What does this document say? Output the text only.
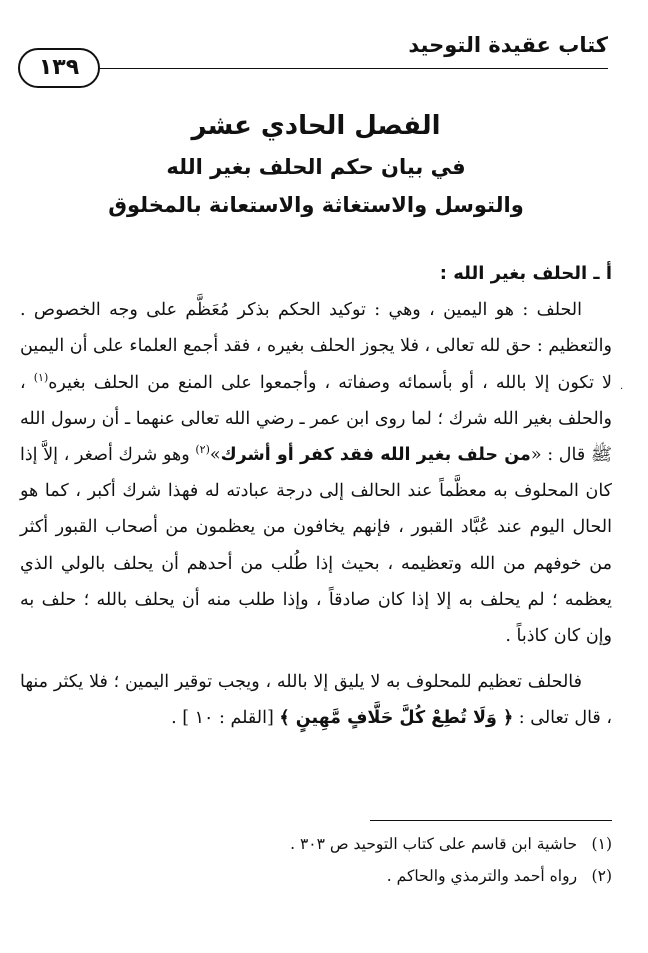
كتاب عقيدة التوحيد
١٣٩
·
الفصل الحادي عشر
في بيان حكم الحلف بغير الله
والتوسل والاستغاثة والاستعانة بالمخلوق

أ ـ الحلف بغير الله :

الحلف : هو اليمين ، وهي : توكيد الحكم بذكر مُعَظَّم على وجه الخصوص . والتعظيم : حق لله تعالى ، فلا يجوز الحلف بغيره ، فقد أجمع العلماء على أن اليمين لا تكون إلا بالله ، أو بأسمائه وصفاته ، وأجمعوا على المنع من الحلف بغيره$^{(١)}$ ، والحلف بغير الله شرك ؛ لما روى ابن عمر ـ رضي الله تعالى عنهما ـ أن رسول الله ﷺ قال : «من حلف بغير الله فقد كفر أو أشرك»$^{(٢)}$ وهو شرك أصغر ، إلاَّ إذا كان المحلوف به معظَّماً عند الحالف إلى درجة عبادته له فهذا شرك أكبر ، كما هو الحال اليوم عند عُبَّاد القبور ، فإنهم يخافون من يعظمون من أصحاب القبور أكثر من خوفهم من الله وتعظيمه ، بحيث إذا طُلب من أحدهم أن يحلف بالولي الذي يعظمه ؛ لم يحلف به إلا إذا كان صادقاً ، وإذا طلب منه أن يحلف بالله ؛ حلف به وإن كان كاذباً .

فالحلف تعظيم للمحلوف به لا يليق إلا بالله ، ويجب توقير اليمين ؛ فلا يكثر منها ، قال تعالى : ﴿ وَلَا تُطِعْ كُلَّ حَلَّافٍ مَّهِينٍ ﴾ [القلم : ١٠ ] .

(١) حاشية ابن قاسم على كتاب التوحيد ص ٣٠٣ .
(٢) رواه أحمد والترمذي والحاكم .
